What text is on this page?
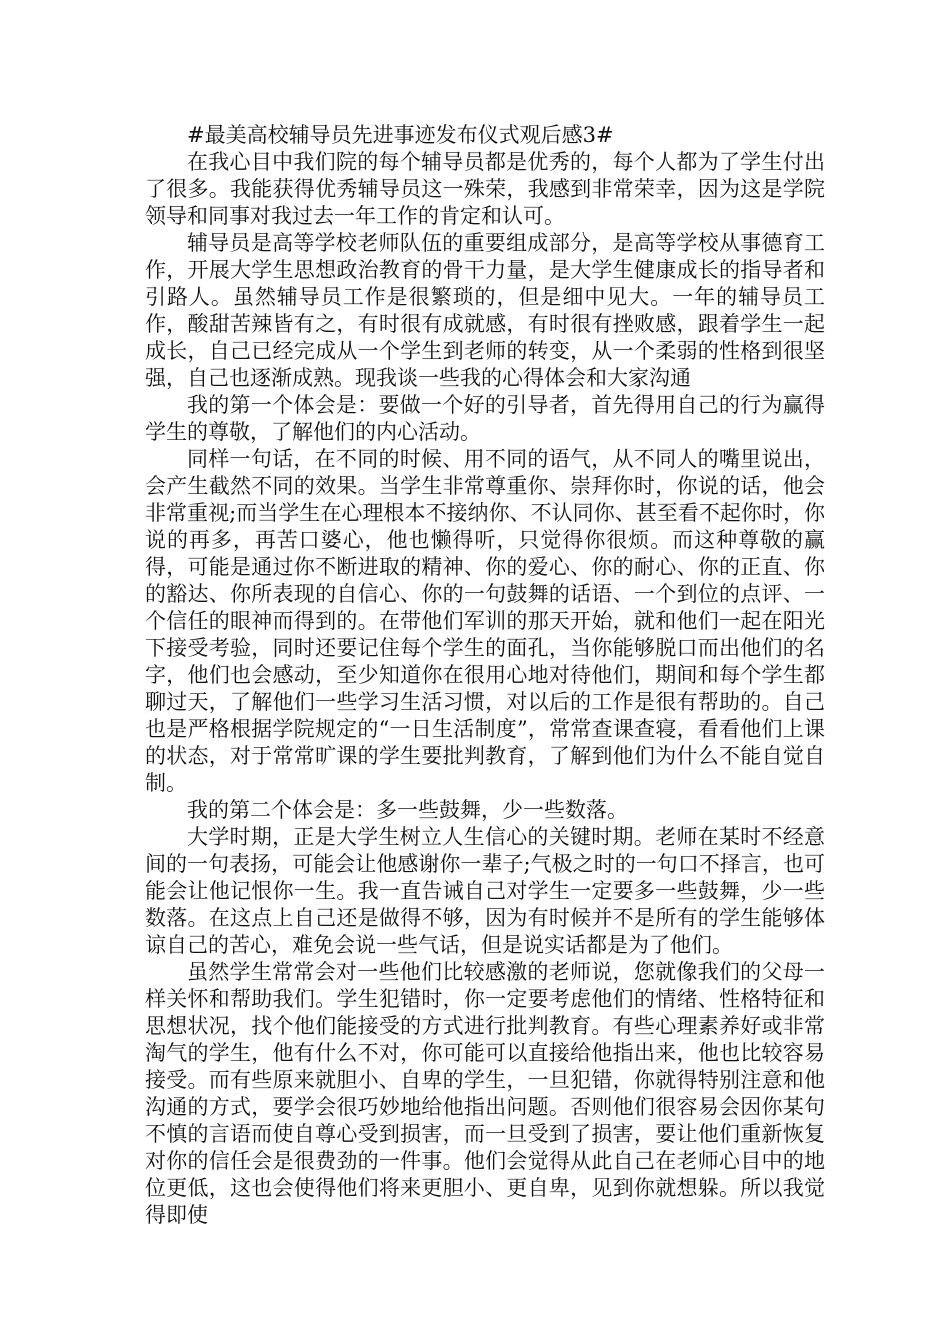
#最美高校辅导员先进事迹发布仪式观后感3#

在我心目中我们院的每个辅导员都是优秀的，每个人都为了学生付出了很多。我能获得优秀辅导员这一殊荣，我感到非常荣幸，因为这是学院领导和同事对我过去一年工作的肯定和认可。

辅导员是高等学校老师队伍的重要组成部分，是高等学校从事德育工作，开展大学生思想政治教育的骨干力量，是大学生健康成长的指导者和引路人。虽然辅导员工作是很繁琐的，但是细中见大。一年的辅导员工作，酸甜苦辣皆有之，有时很有成就感，有时很有挫败感，跟着学生一起成长，自己已经完成从一个学生到老师的转变，从一个柔弱的性格到很坚强，自己也逐渐成熟。现我谈一些我的心得体会和大家沟通

我的第一个体会是：要做一个好的引导者，首先得用自己的行为赢得学生的尊敬，了解他们的内心活动。

同样一句话，在不同的时候、用不同的语气，从不同人的嘴里说出，会产生截然不同的效果。当学生非常尊重你、崇拜你时，你说的话，他会非常重视;而当学生在心理根本不接纳你、不认同你、甚至看不起你时，你说的再多，再苦口婆心，他也懒得听，只觉得你很烦。而这种尊敬的赢得，可能是通过你不断进取的精神、你的爱心、你的耐心、你的正直、你的豁达、你所表现的自信心、你的一句鼓舞的话语、一个到位的点评、一个信任的眼神而得到的。在带他们军训的那天开始，就和他们一起在阳光下接受考验，同时还要记住每个学生的面孔，当你能够脱口而出他们的名字，他们也会感动，至少知道你在很用心地对待他们，期间和每个学生都聊过天，了解他们一些学习生活习惯，对以后的工作是很有帮助的。自己也是严格根据学院规定的“一日生活制度”，常常查课查寝，看看他们上课的状态，对于常常旷课的学生要批判教育，了解到他们为什么不能自觉自制。

我的第二个体会是：多一些鼓舞，少一些数落。

大学时期，正是大学生树立人生信心的关键时期。老师在某时不经意间的一句表扬，可能会让他感谢你一辈子;气极之时的一句口不择言，也可能会让他记恨你一生。我一直告诫自己对学生一定要多一些鼓舞，少一些数落。在这点上自己还是做得不够，因为有时候并不是所有的学生能够体谅自己的苦心，难免会说一些气话，但是说实话都是为了他们。

虽然学生常常会对一些他们比较感激的老师说，您就像我们的父母一样关怀和帮助我们。学生犯错时，你一定要考虑他们的情绪、性格特征和思想状况，找个他们能接受的方式进行批判教育。有些心理素养好或非常淘气的学生，他有什么不对，你可能可以直接给他指出来，他也比较容易接受。而有些原来就胆小、自卑的学生，一旦犯错，你就得特别注意和他沟通的方式，要学会很巧妙地给他指出问题。否则他们很容易会因你某句不慎的言语而使自尊心受到损害，而一旦受到了损害，要让他们重新恢复对你的信任会是很费劲的一件事。他们会觉得从此自己在老师心目中的地位更低，这也会使得他们将来更胆小、更自卑，见到你就想躲。所以我觉得即使
